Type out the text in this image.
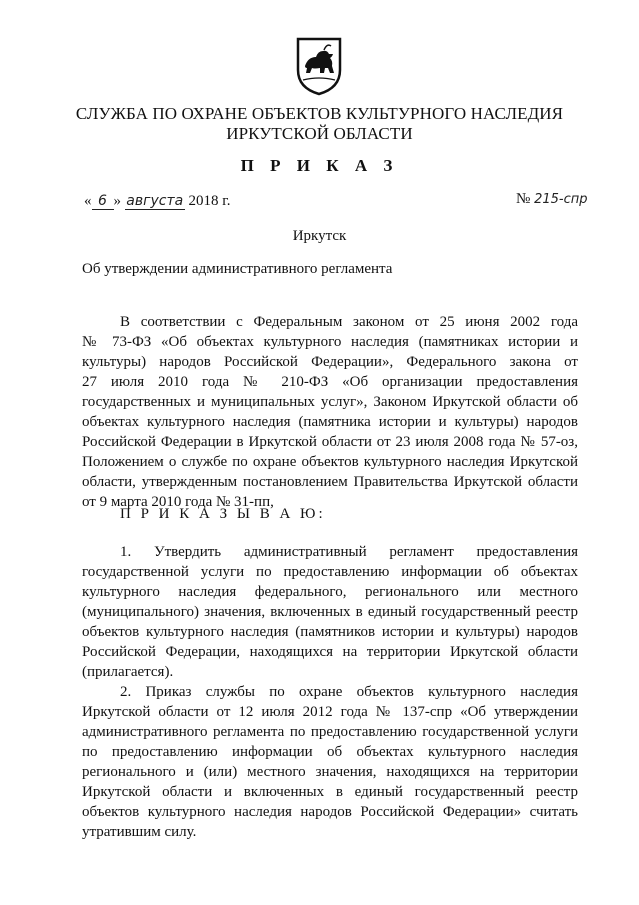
СЛУЖБА ПО ОХРАНЕ ОБЪЕКТОВ КУЛЬТУРНОГО НАСЛЕДИЯ
ИРКУТСКОЙ ОБЛАСТИ
П Р И К А З
« 6 » августа 2018 г.	№ 215-спр
Иркутск
Об утверждении административного регламента
В соответствии с Федеральным законом от 25 июня 2002 года
№ 73-ФЗ «Об объектах культурного наследия (памятниках истории и
культуры) народов Российской Федерации», Федерального закона от
27 июля 2010 года № 210-ФЗ «Об организации предоставления
государственных и муниципальных услуг», Законом Иркутской области об
объектах культурного наследия (памятника истории и культуры) народов
Российской Федерации в Иркутской области от 23 июля 2008 года № 57-оз,
Положением о службе по охране объектов культурного наследия Иркутской
области, утвержденным постановлением Правительства Иркутской области
от 9 марта 2010 года № 31-пп,
П Р И К А З Ы В А Ю:
1. Утвердить административный регламент предоставления
государственной услуги по предоставлению информации об объектах
культурного наследия федерального, регионального или местного
(муниципального) значения, включенных в единый государственный реестр
объектов культурного наследия (памятников истории и культуры) народов
Российской Федерации, находящихся на территории Иркутской области
(прилагается).
2. Приказ службы по охране объектов культурного наследия
Иркутской области от 12 июля 2012 года № 137-спр «Об утверждении
административного регламента по предоставлению государственной услуги
по предоставлению информации об объектах культурного наследия
регионального и (или) местного значения, находящихся на территории
Иркутской области и включенных в единый государственный реестр
объектов культурного наследия народов Российской Федерации» считать
утратившим силу.
